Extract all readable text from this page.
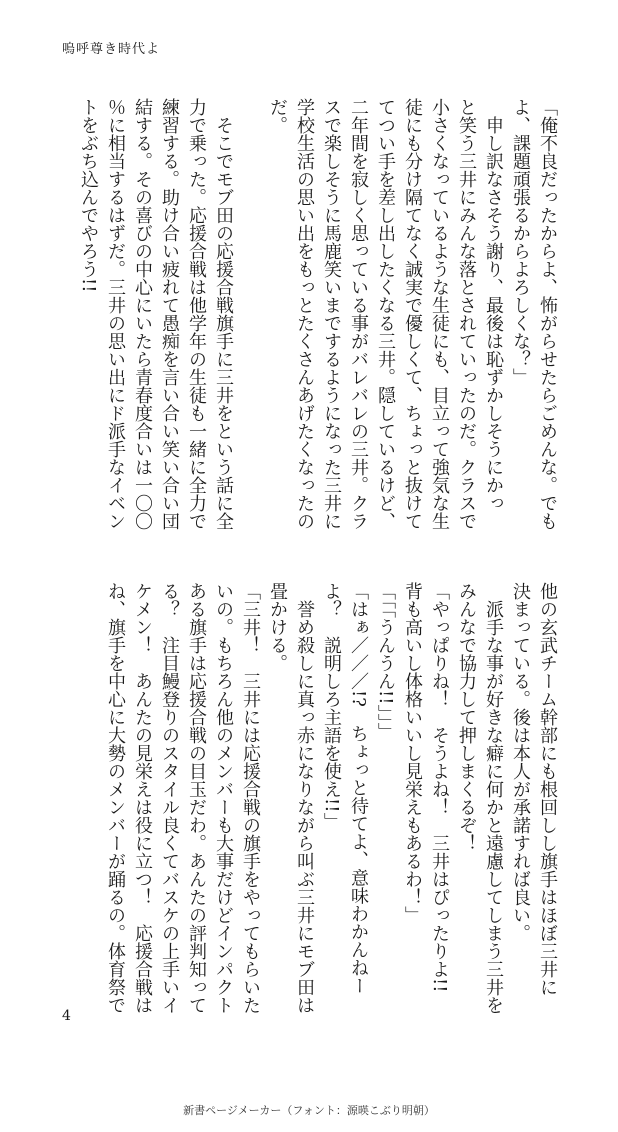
嗚呼尊き時代よ
「俺不良だったからよ、怖がらせたらごめんな。でも
よ、課題頑張るからよろしくな？」
　申し訳なさそう謝り、最後は恥ずかしそうにかっ
と笑う三井にみんな落とされていったのだ。クラスで
小さくなっているような生徒にも、目立って強気な生
徒にも分け隔てなく誠実で優しくて、ちょっと抜けて
てつい手を差し出したくなる三井。隠しているけど、
二年間を寂しく思っている事がバレバレの三井。クラ
スで楽しそうに馬鹿笑いまでするようになった三井に
学校生活の思い出をもっとたくさんあげたくなったの
だ。
　そこでモブ田の応援合戦旗手に三井をという話に全
力で乗った。応援合戦は他学年の生徒も一緒に全力で
練習する。助け合い疲れて愚痴を言い合い笑い合い団
結する。その喜びの中心にいたら青春度合いは一〇〇
％に相当するはずだ。三井の思い出にド派手なイベン
トをぶち込んでやろう!!
他の玄武チーム幹部にも根回しし旗手はほぼ三井に
決まっている。後は本人が承諾すれば良い。
　派手な事が好きな癖に何かと遠慮してしまう三井を
みんなで協力して押しまくるぞ！
「やっぱりね！　そうよね！　三井はぴったりよ!!
背も高いし体格いいし見栄えもあるわ！」
「「「うんうん!!」」」
「はぁ／／／!?　ちょっと待てよ、意味わかんねー
よ？　説明しろ主語を使え!!」
　誉め殺しに真っ赤になりながら叫ぶ三井にモブ田は
畳かける。
「三井！　三井には応援合戦の旗手をやってもらいた
いの。もちろん他のメンバーも大事だけどインパクト
ある旗手は応援合戦の目玉だわ。あんたの評判知って
る？　注目鰻登りのスタイル良くてバスケの上手いイ
ケメン！　あんたの見栄えは役に立つ！　応援合戦は
ね、旗手を中心に大勢のメンバーが踊るの。体育祭で
4
新書ページメーカー（フォント：源暎こぶり明朝）
